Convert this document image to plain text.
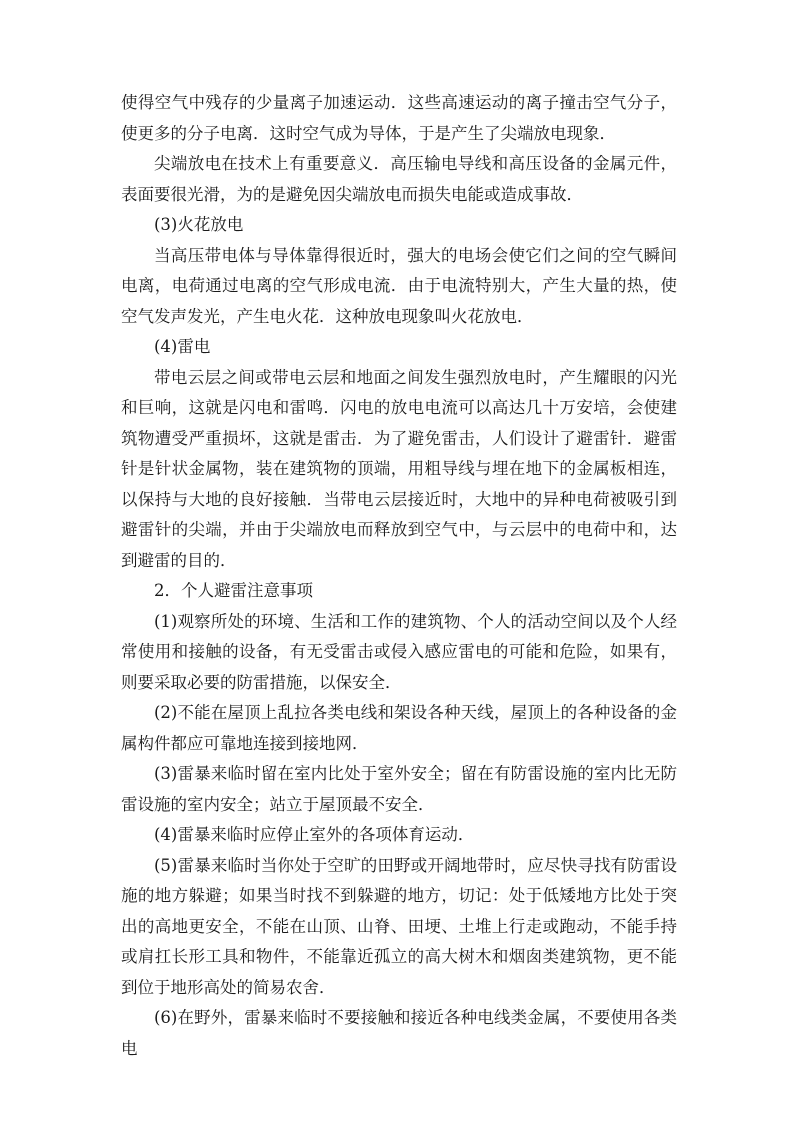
使得空气中残存的少量离子加速运动．这些高速运动的离子撞击空气分子，使更多的分子电离．这时空气成为导体，于是产生了尖端放电现象．

尖端放电在技术上有重要意义．高压输电导线和高压设备的金属元件，表面要很光滑，为的是避免因尖端放电而损失电能或造成事故．

(3)火花放电

当高压带电体与导体靠得很近时，强大的电场会使它们之间的空气瞬间电离，电荷通过电离的空气形成电流．由于电流特别大，产生大量的热，使空气发声发光，产生电火花．这种放电现象叫火花放电．

(4)雷电

带电云层之间或带电云层和地面之间发生强烈放电时，产生耀眼的闪光和巨响，这就是闪电和雷鸣．闪电的放电电流可以高达几十万安培，会使建筑物遭受严重损坏，这就是雷击．为了避免雷击，人们设计了避雷针．避雷针是针状金属物，装在建筑物的顶端，用粗导线与埋在地下的金属板相连，以保持与大地的良好接触．当带电云层接近时，大地中的异种电荷被吸引到避雷针的尖端，并由于尖端放电而释放到空气中，与云层中的电荷中和，达到避雷的目的．

2．个人避雷注意事项

(1)观察所处的环境、生活和工作的建筑物、个人的活动空间以及个人经常使用和接触的设备，有无受雷击或侵入感应雷电的可能和危险，如果有，则要采取必要的防雷措施，以保安全．

(2)不能在屋顶上乱拉各类电线和架设各种天线，屋顶上的各种设备的金属构件都应可靠地连接到接地网．

(3)雷暴来临时留在室内比处于室外安全；留在有防雷设施的室内比无防雷设施的室内安全；站立于屋顶最不安全．

(4)雷暴来临时应停止室外的各项体育运动．

(5)雷暴来临时当你处于空旷的田野或开阔地带时，应尽快寻找有防雷设施的地方躲避；如果当时找不到躲避的地方，切记：处于低矮地方比处于突出的高地更安全，不能在山顶、山脊、田埂、土堆上行走或跑动，不能手持或肩扛长形工具和物件，不能靠近孤立的高大树木和烟囱类建筑物，更不能到位于地形高处的简易农舍．

(6)在野外，雷暴来临时不要接触和接近各种电线类金属，不要使用各类电
